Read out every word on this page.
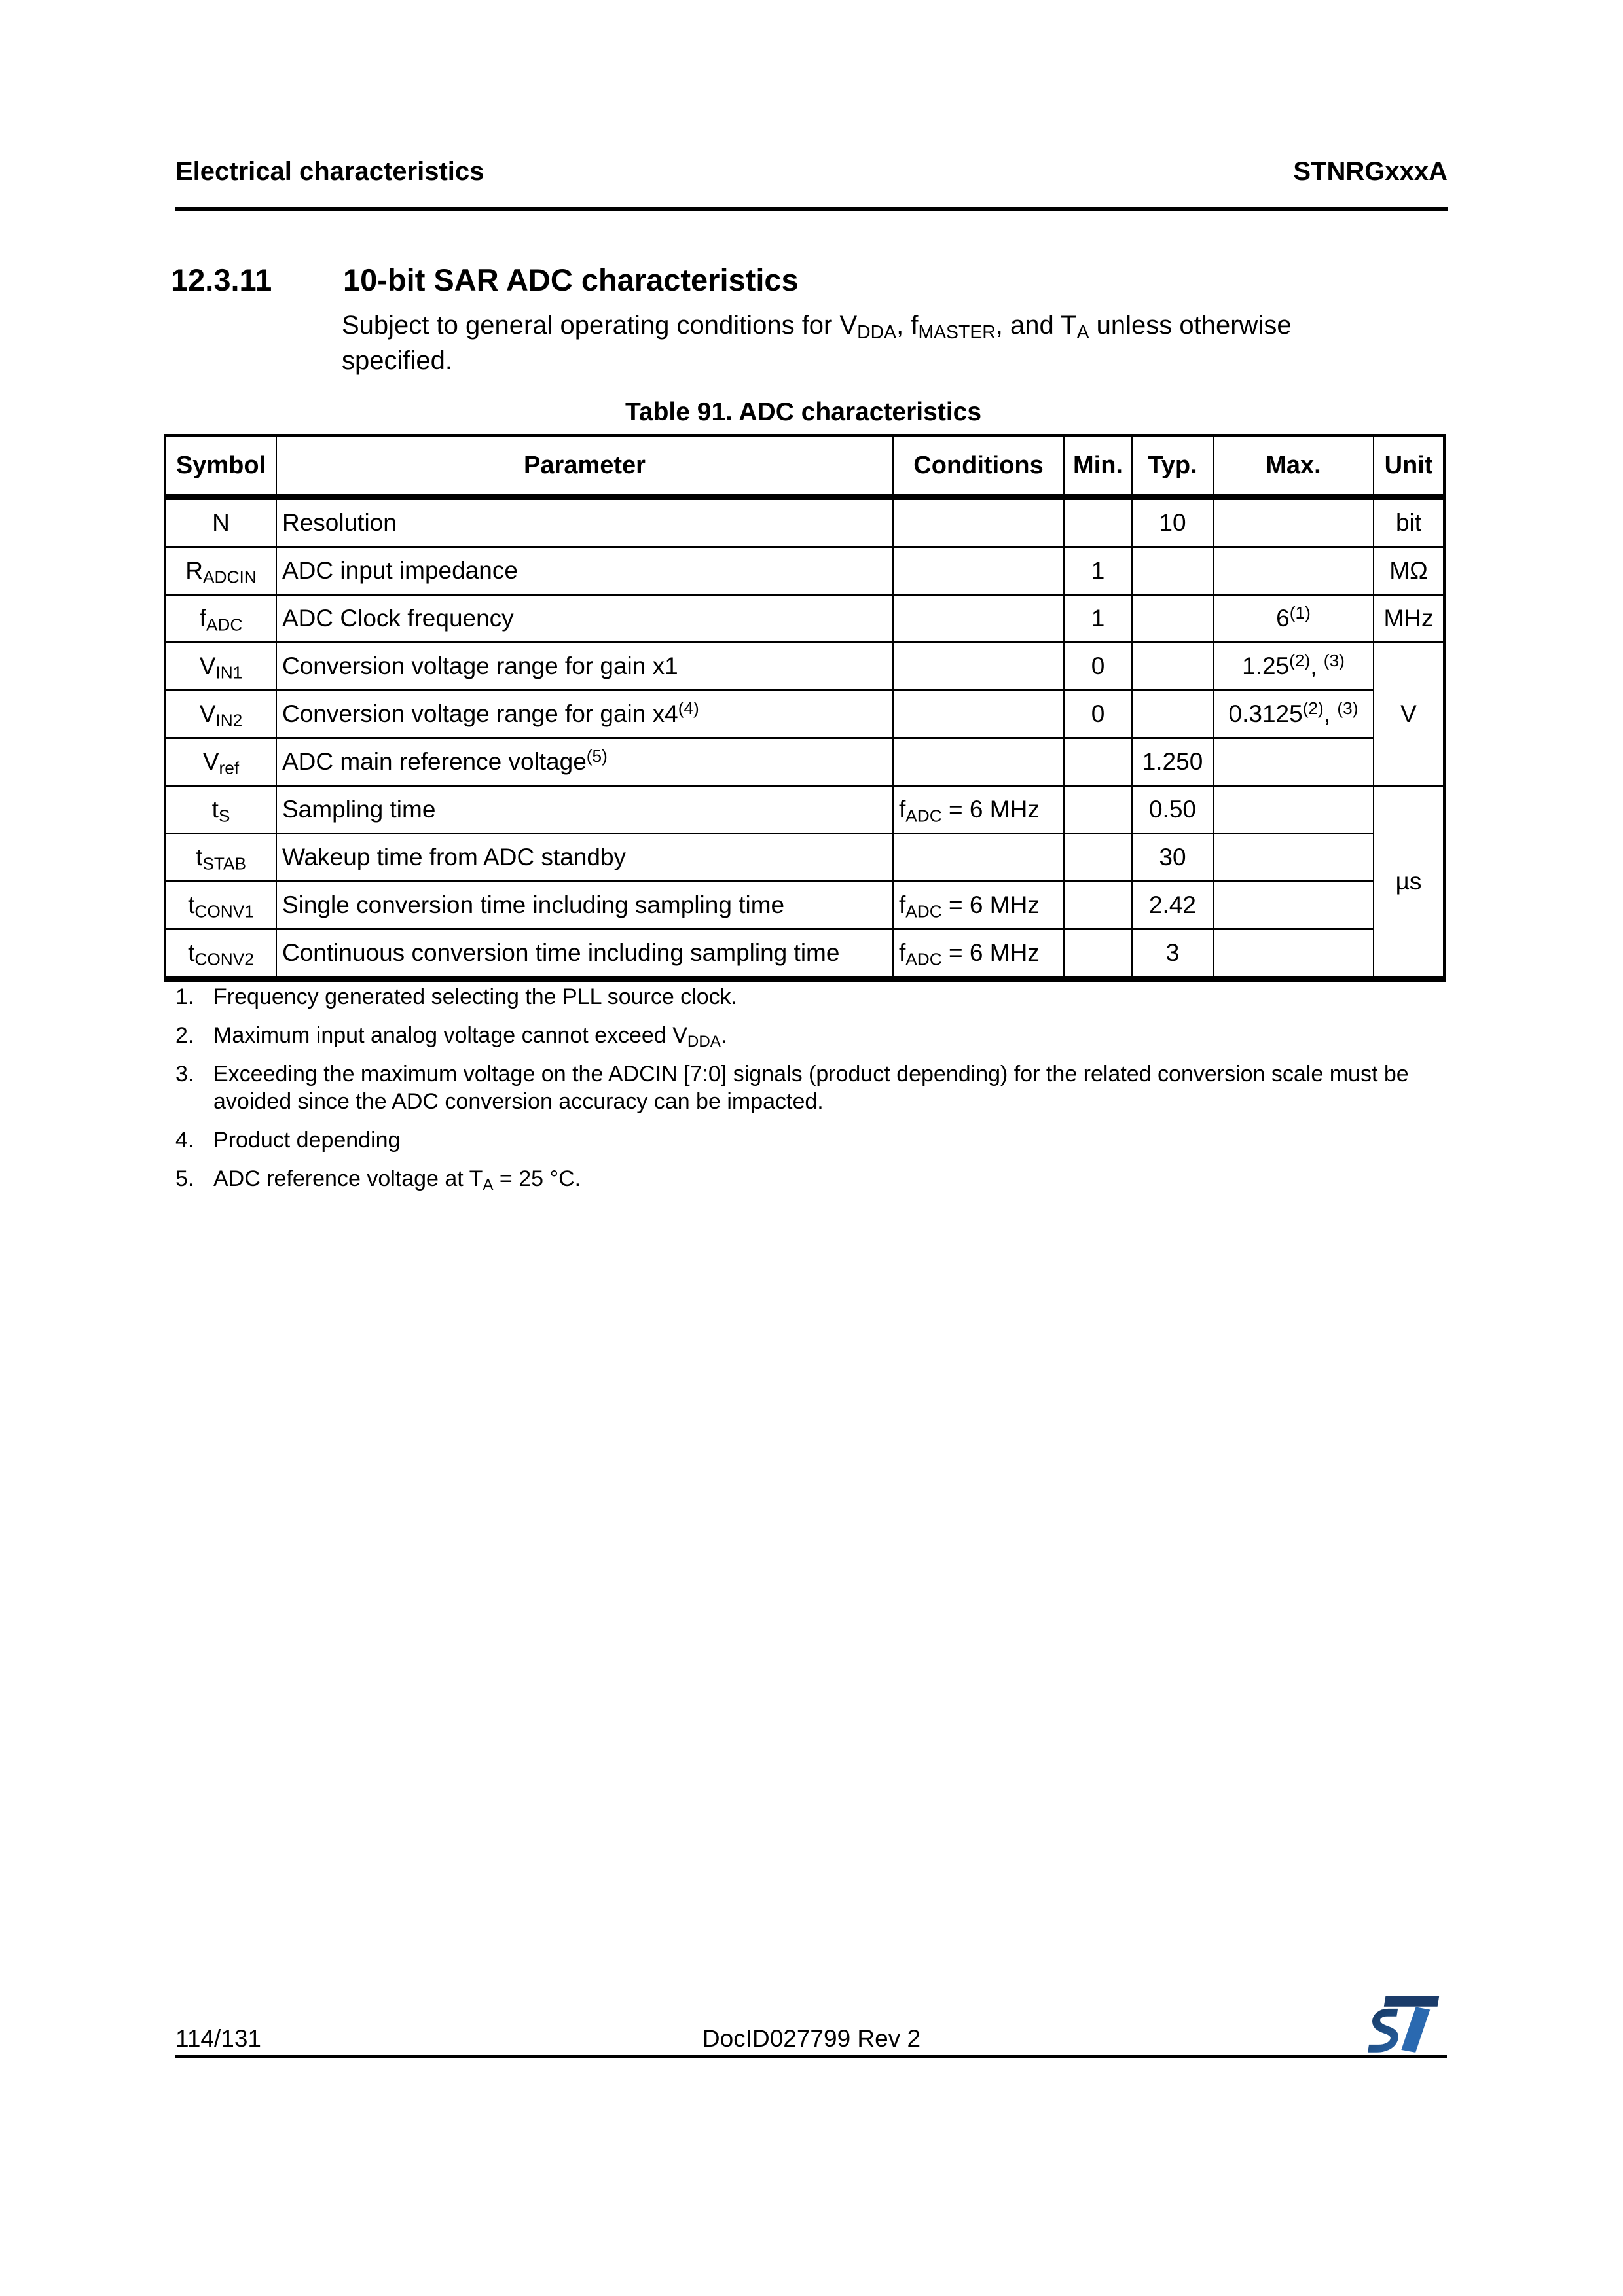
Electrical characteristics	STNRGxxxA
12.3.11 10-bit SAR ADC characteristics

Subject to general operating conditions for $V_{DDA}$, $f_{MASTER}$, and $T_A$ unless otherwise specified.

Table 91. ADC characteristics
Symbol	Parameter	Conditions	Min.	Typ.	Max.	Unit
N	Resolution			10		bit
$R_{ADCIN}$	ADC input impedance		1			MΩ
$f_{ADC}$	ADC Clock frequency		1		6$^{(1)}$	MHz
$V_{IN1}$	Conversion voltage range for gain x1		0		1.25$^{(2)}$, $^{(3)}$	V
$V_{IN2}$	Conversion voltage range for gain x4$^{(4)}$		0		0.3125$^{(2)}$, $^{(3)}$
$V_{ref}$	ADC main reference voltage$^{(5)}$			1.250		
$t_S$	Sampling time	$f_{ADC} = 6$ MHz		0.50		µs
$t_{STAB}$	Wakeup time from ADC standby			30		
$t_{CONV1}$	Single conversion time including sampling time	$f_{ADC} = 6$ MHz		2.42		
$t_{CONV2}$	Continuous conversion time including sampling time	$f_{ADC} = 6$ MHz		3		
1. Frequency generated selecting the PLL source clock.
2. Maximum input analog voltage cannot exceed $V_{DDA}$.
3. Exceeding the maximum voltage on the ADCIN [7:0] signals (product depending) for the related conversion scale must be avoided since the ADC conversion accuracy can be impacted.
4. Product depending
5. ADC reference voltage at $T_A = 25$ °C.
114/131	DocID027799 Rev 2
